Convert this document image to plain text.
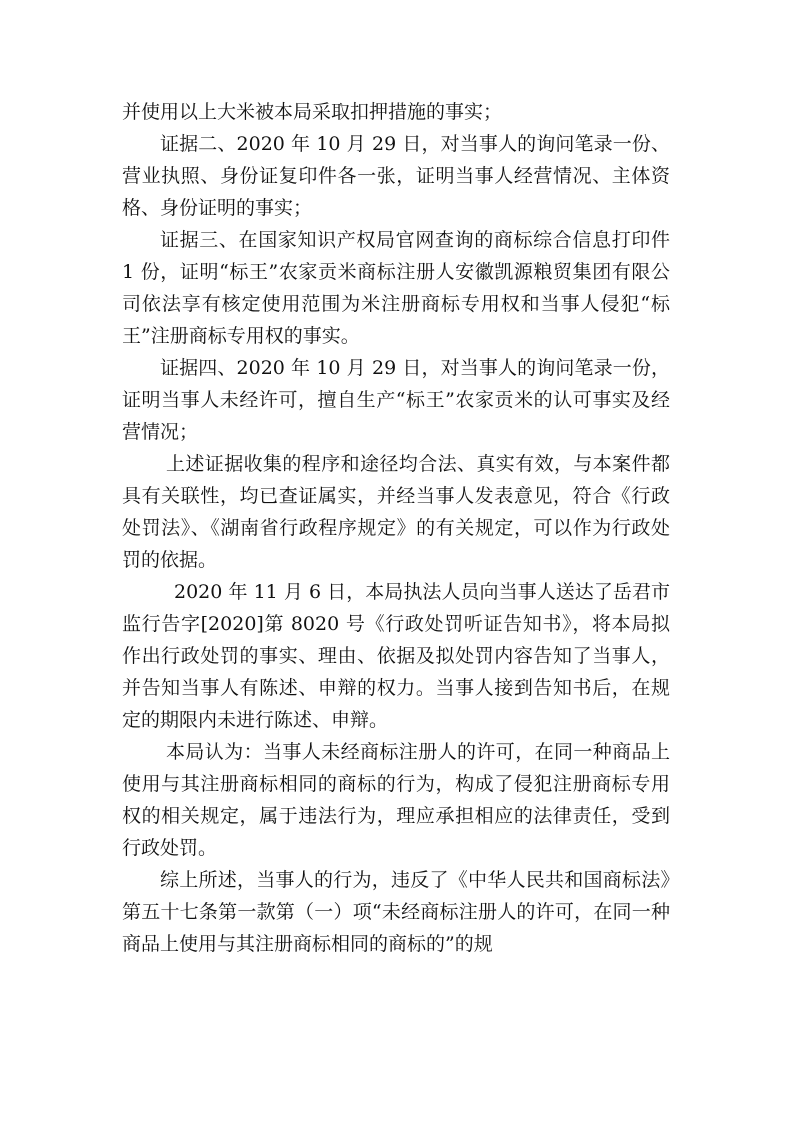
并使用以上大米被本局采取扣押措施的事实；

证据二、2020 年 10 月 29 日，对当事人的询问笔录一份、营业执照、身份证复印件各一张，证明当事人经营情况、主体资格、身份证明的事实；

证据三、在国家知识产权局官网查询的商标综合信息打印件 1 份，证明“标王”农家贡米商标注册人安徽凯源粮贸集团有限公司依法享有核定使用范围为米注册商标专用权和当事人侵犯“标王”注册商标专用权的事实。

证据四、2020 年 10 月 29 日，对当事人的询问笔录一份，证明当事人未经许可，擅自生产“标王”农家贡米的认可事实及经营情况；

上述证据收集的程序和途径均合法、真实有效，与本案件都具有关联性，均已查证属实，并经当事人发表意见，符合《行政处罚法》、《湖南省行政程序规定》的有关规定，可以作为行政处罚的依据。

2020 年 11 月 6 日，本局执法人员向当事人送达了岳君市监行告字[2020]第 8020 号《行政处罚听证告知书》，将本局拟作出行政处罚的事实、理由、依据及拟处罚内容告知了当事人，并告知当事人有陈述、申辩的权力。当事人接到告知书后，在规定的期限内未进行陈述、申辩。

本局认为：当事人未经商标注册人的许可，在同一种商品上使用与其注册商标相同的商标的行为，构成了侵犯注册商标专用权的相关规定，属于违法行为，理应承担相应的法律责任，受到行政处罚。

综上所述，当事人的行为，违反了《中华人民共和国商标法》第五十七条第一款第（一）项“未经商标注册人的许可，在同一种商品上使用与其注册商标相同的商标的”的规
